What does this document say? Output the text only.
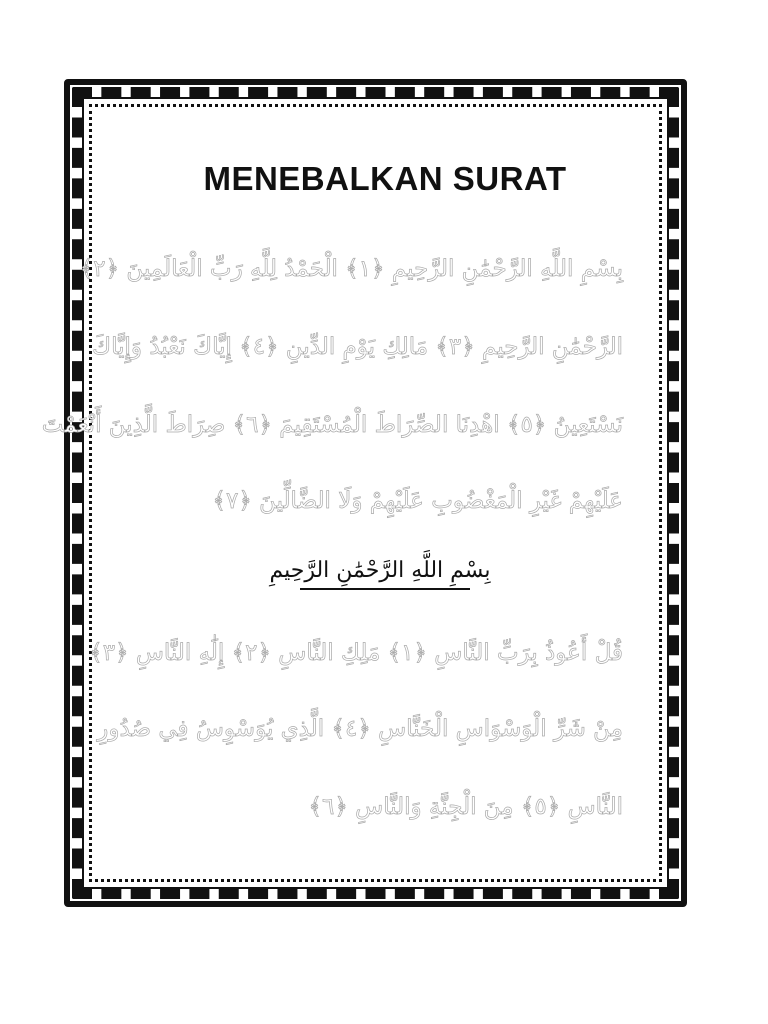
MENEBALKAN SURAT
بِسْمِ اللَّهِ الرَّحْمَٰنِ الرَّحِيمِ ﴿١﴾ الْحَمْدُ لِلَّهِ رَبِّ الْعَالَمِينَ ﴿٢﴾
الرَّحْمَٰنِ الرَّحِيمِ ﴿٣﴾ مَالِكِ يَوْمِ الدِّينِ ﴿٤﴾ إِيَّاكَ نَعْبُدُ وَإِيَّاكَ
نَسْتَعِينُ ﴿٥﴾ اهْدِنَا الصِّرَاطَ الْمُسْتَقِيمَ ﴿٦﴾ صِرَاطَ الَّذِينَ أَنْعَمْتَ
عَلَيْهِمْ غَيْرِ الْمَغْضُوبِ عَلَيْهِمْ وَلَا الضَّالِّينَ ﴿٧﴾
بِسْمِ اللَّهِ الرَّحْمَٰنِ الرَّحِيمِ
قُلْ أَعُوذُ بِرَبِّ النَّاسِ ﴿١﴾ مَلِكِ النَّاسِ ﴿٢﴾ إِلَٰهِ النَّاسِ ﴿٣﴾
مِنْ شَرِّ الْوَسْوَاسِ الْخَنَّاسِ ﴿٤﴾ الَّذِي يُوَسْوِسُ فِي صُدُورِ
النَّاسِ ﴿٥﴾ مِنَ الْجِنَّةِ وَالنَّاسِ ﴿٦﴾
